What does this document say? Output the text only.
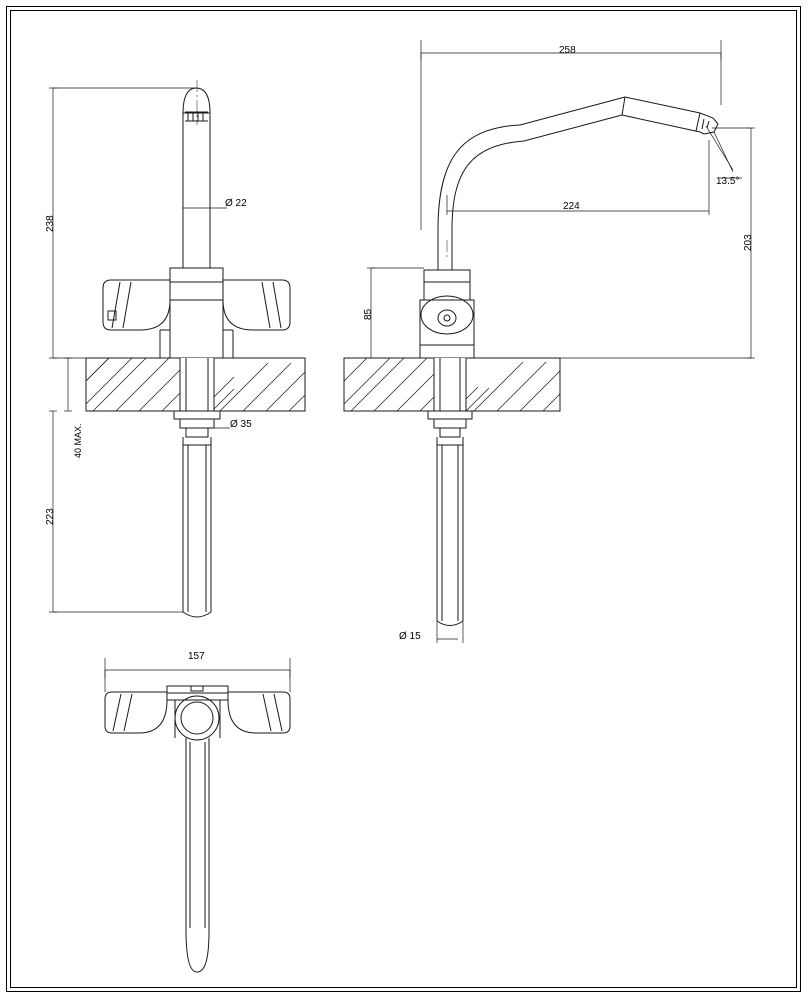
238
223
40 MAX.
Ø 22
Ø 35
258
224
13.5°
203
85
Ø 15
157
